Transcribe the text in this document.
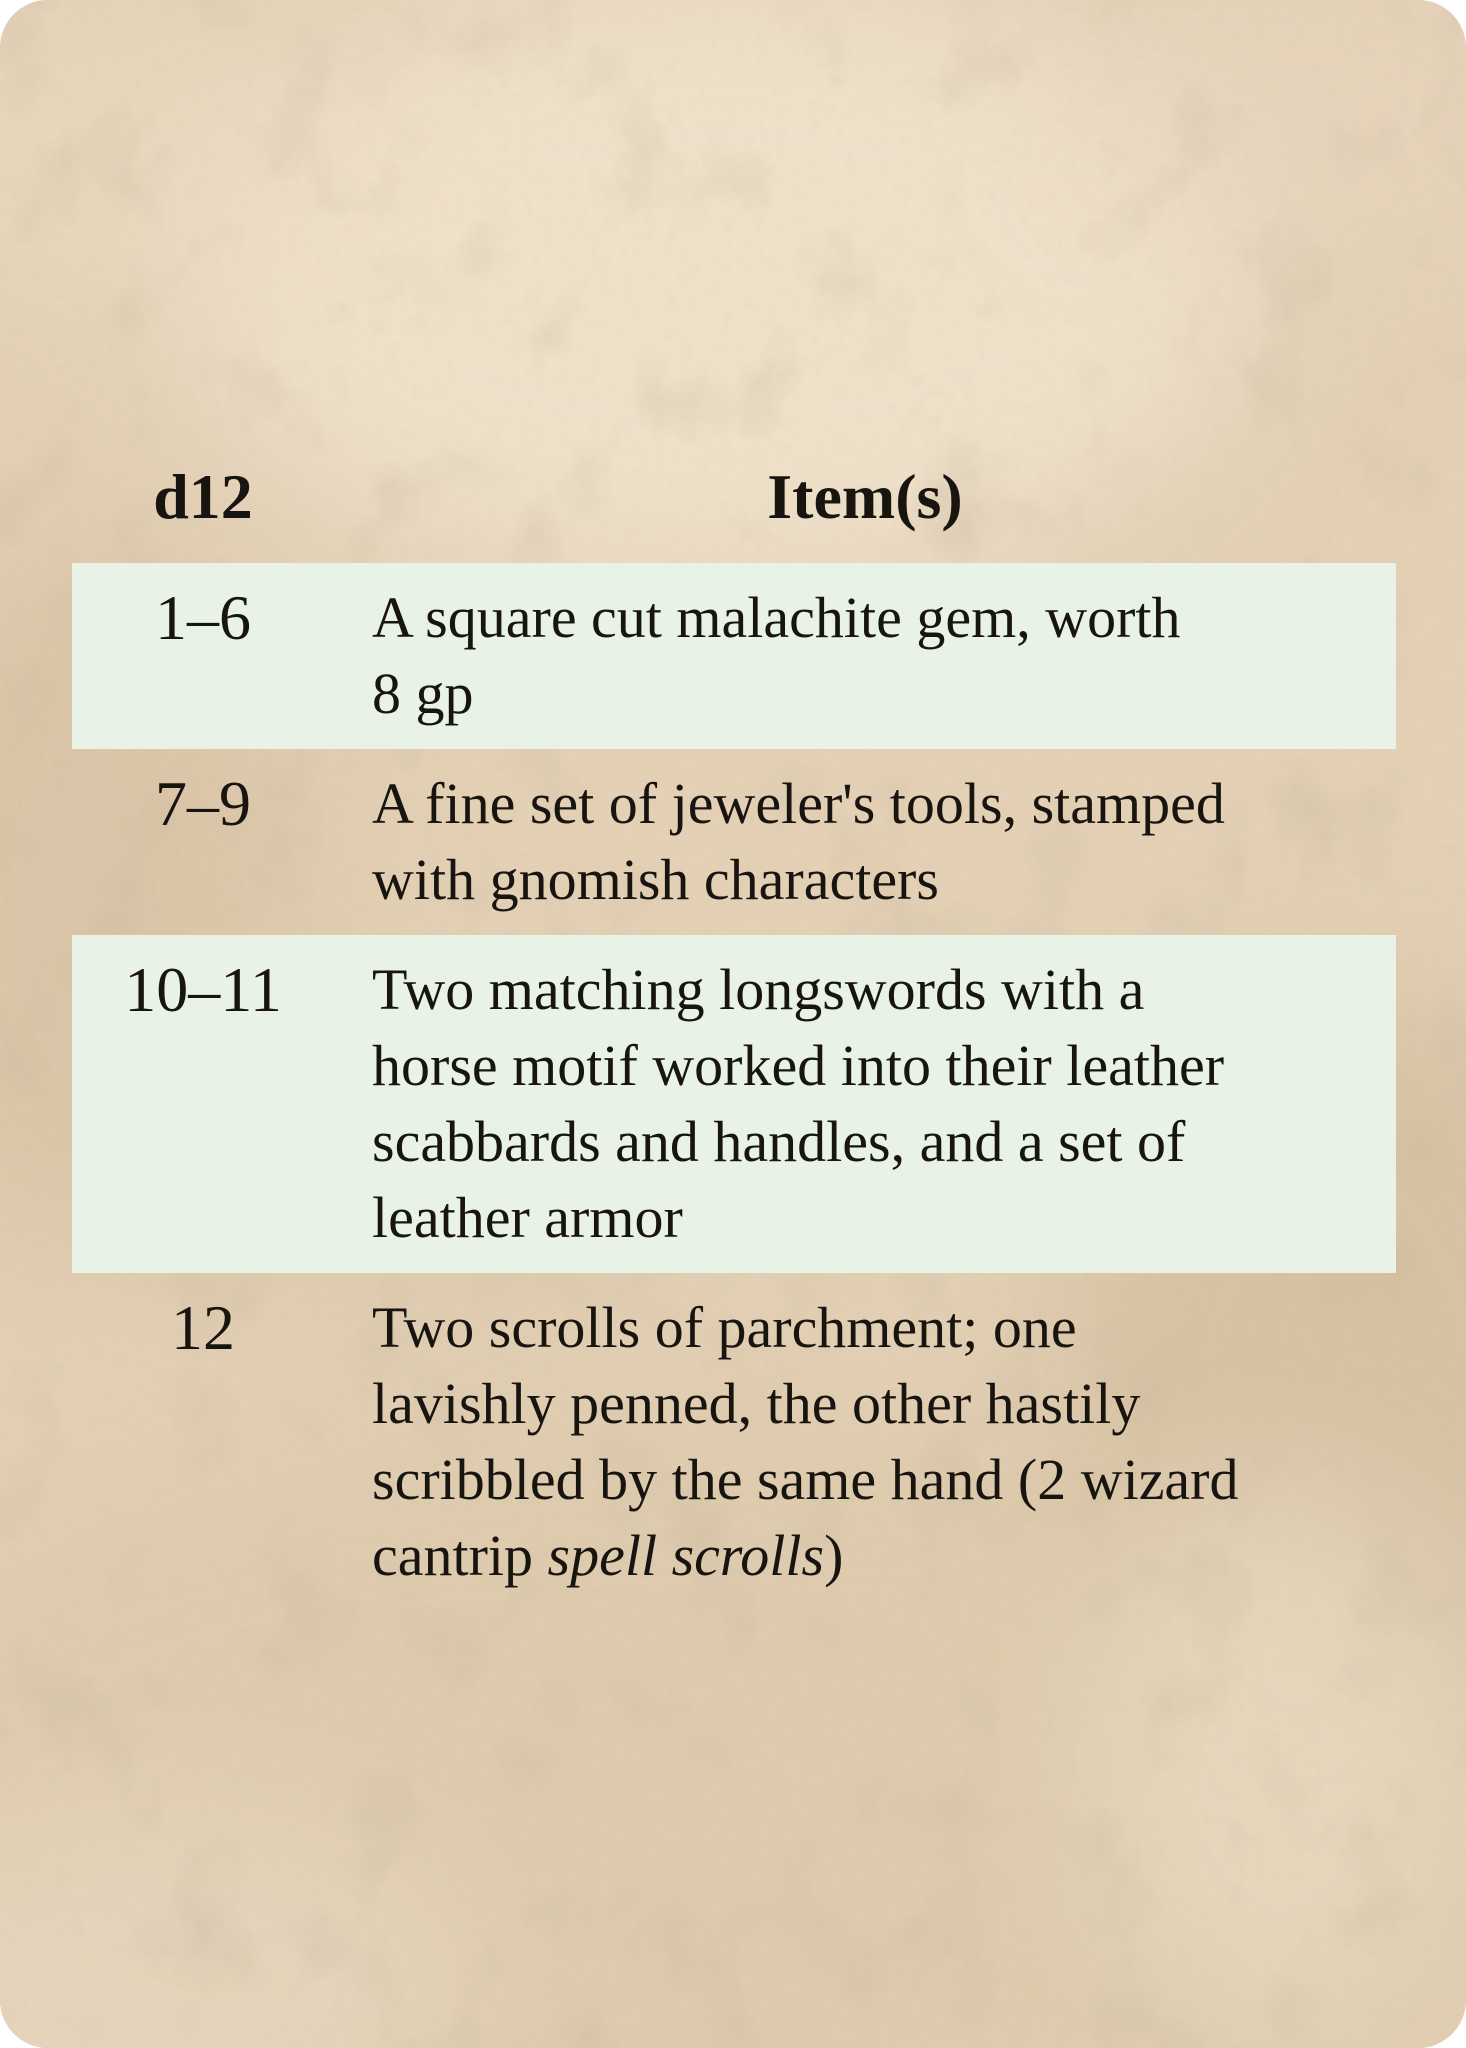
d12	Item(s)
1–6	A square cut malachite gem, worth
8 gp
7–9	A fine set of jeweler's tools, stamped
with gnomish characters
10–11	Two matching longswords with a
horse motif worked into their leather
scabbards and handles, and a set of
leather armor
12	Two scrolls of parchment; one
lavishly penned, the other hastily
scribbled by the same hand (2 wizard
cantrip spell scrolls)
